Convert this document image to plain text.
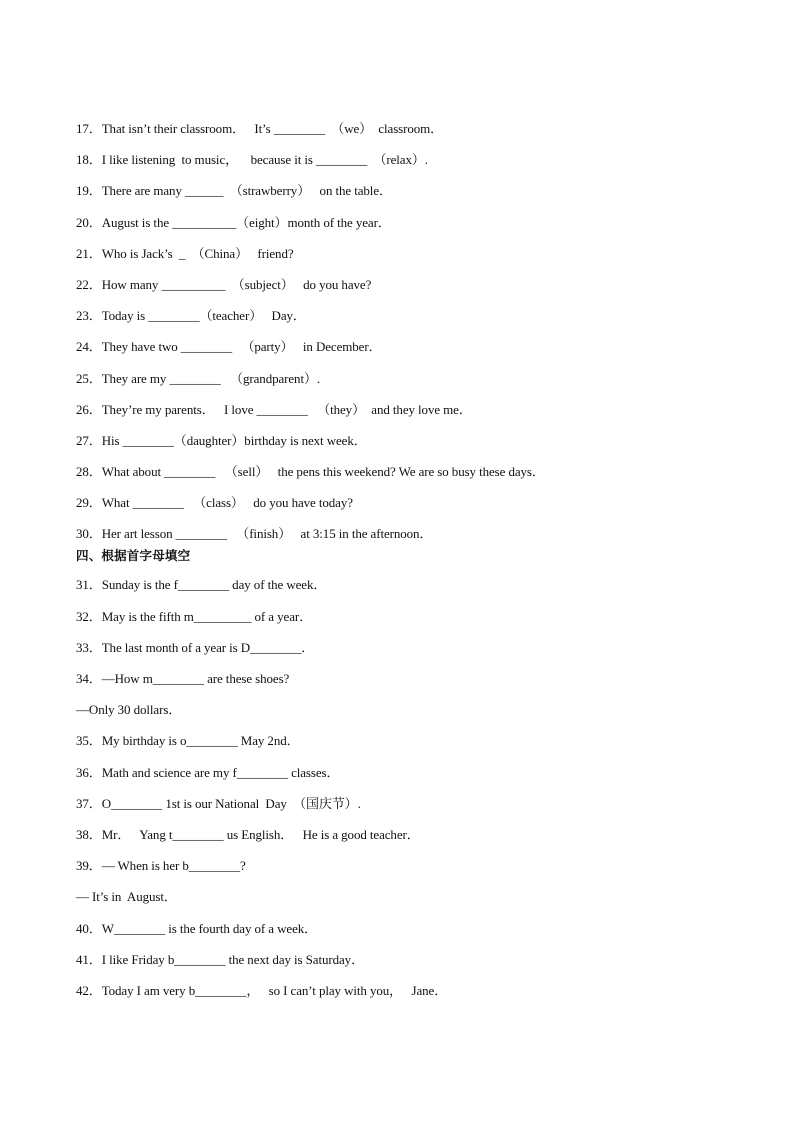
17．That isn’t their classroom．   It’s ________  （we）  classroom．
18．I like listening  to music，    because it is ________  （relax）.
19．There are many ______  （strawberry）   on the table．
20．August is the __________（eight）month of the year．
21．Who is Jack’s  _  （China）   friend?
22．How many __________  （subject）   do you have?
23．Today is ________（teacher）   Day．
24．They have two ________   （party）   in December．
25．They are my ________   （grandparent）.
26．They’re my parents．   I love ________   （they）  and they love me．
27．His ________（daughter）birthday is next week．
28．What about ________   （sell）   the pens this weekend? We are so busy these days．
29．What ________   （class）   do you have today?
30．Her art lesson ________   （finish）   at 3:15 in the afternoon．
四、根据首字母填空
31．Sunday is the f________ day of the week．
32．May is the fifth m_________ of a year．
33．The last month of a year is D________．
34．—How m________ are these shoes?
—Only 30 dollars．
35．My birthday is o________ May 2nd．
36．Math and science are my f________ classes．
37．O________ 1st is our National  Day  （国庆节）.
38．Mr．   Yang t________ us English．   He is a good teacher．
39．— When is her b________?
— It’s in  August．
40．W________ is the fourth day of a week．
41．I like Friday b________ the next day is Saturday．
42．Today I am very b________，   so I can’t play with you，   Jane．
